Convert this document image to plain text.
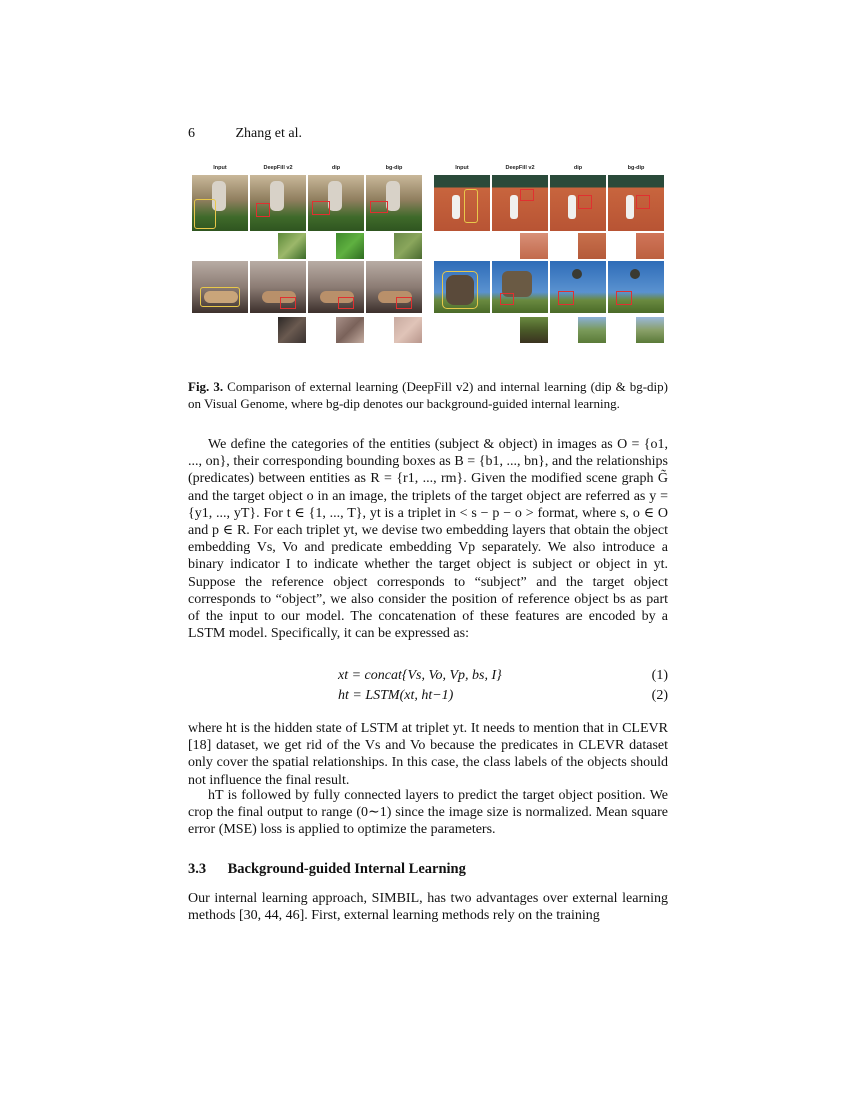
6	Zhang et al.
Input	DeepFill v2	dip	bg-dip	Input	DeepFill v2	dip	bg-dip
Fig. 3. Comparison of external learning (DeepFill v2) and internal learning (dip & bg-dip) on Visual Genome, where bg-dip denotes our background-guided internal learning.
We define the categories of the entities (subject & object) in images as O = {o1, ..., on}, their corresponding bounding boxes as B = {b1, ..., bn}, and the relationships (predicates) between entities as R = {r1, ..., rm}. Given the modified scene graph G̃ and the target object o in an image, the triplets of the target object are referred as y = {y1, ..., yT}. For t ∈ {1, ..., T}, yt is a triplet in < s − p − o > format, where s, o ∈ O and p ∈ R. For each triplet yt, we devise two embedding layers that obtain the object embedding Vs, Vo and predicate embedding Vp separately. We also introduce a binary indicator I to indicate whether the target object is subject or object in yt. Suppose the reference object corresponds to “subject” and the target object corresponds to “object”, we also consider the position of reference object bs as part of the input to our model. The concatenation of these features are encoded by a LSTM model. Specifically, it can be expressed as:
xt = concat{Vs, Vo, Vp, bs, I}	(1)
ht = LSTM(xt, ht−1)	(2)
where ht is the hidden state of LSTM at triplet yt. It needs to mention that in CLEVR [18] dataset, we get rid of the Vs and Vo because the predicates in CLEVR dataset only cover the spatial relationships. In this case, the class labels of the objects should not influence the final result.
hT is followed by fully connected layers to predict the target object position. We crop the final output to range (0∼1) since the image size is normalized. Mean square error (MSE) loss is applied to optimize the parameters.
3.3 Background-guided Internal Learning
Our internal learning approach, SIMBIL, has two advantages over external learning methods [30, 44, 46]. First, external learning methods rely on the training
